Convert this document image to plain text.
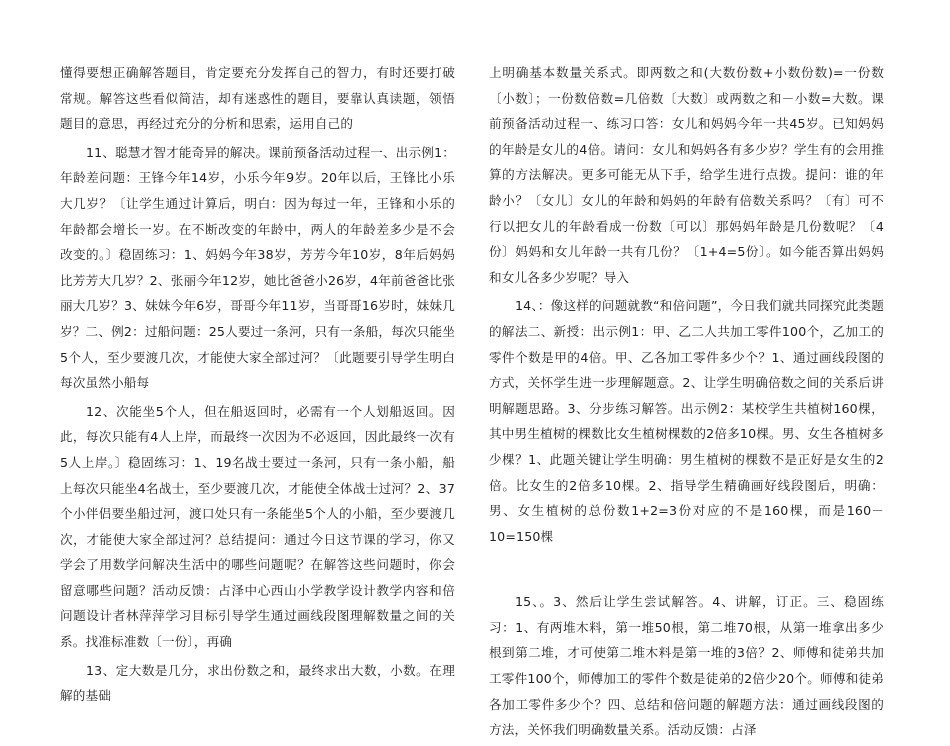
懂得要想正确解答题目，肯定要充分发挥自己的智力，有时还要打破常规。解答这些看似简洁，却有迷惑性的题目，要靠认真读题，领悟题目的意思，再经过充分的分析和思索，运用自己的

11、聪慧才智才能奇异的解决。课前预备活动过程一、出示例1：年龄差问题：王锋今年14岁，小乐今年9岁。20年以后，王锋比小乐大几岁？〔让学生通过计算后，明白：因为每过一年，王锋和小乐的年龄都会增长一岁。在不断改变的年龄中，两人的年龄差多少是不会改变的。〕稳固练习：1、妈妈今年38岁，芳芳今年10岁，8年后妈妈比芳芳大几岁？2、张丽今年12岁，她比爸爸小26岁，4年前爸爸比张丽大几岁？3、妹妹今年6岁，哥哥今年11岁，当哥哥16岁时，妹妹几岁？二、例2：过船问题：25人要过一条河，只有一条船，每次只能坐5个人，至少要渡几次，才能使大家全部过河？〔此题要引导学生明白每次虽然小船每

12、次能坐5个人，但在船返回时，必需有一个人划船返回。因此，每次只能有4人上岸，而最终一次因为不必返回，因此最终一次有5人上岸。〕稳固练习：1、19名战士要过一条河，只有一条小船，船上每次只能坐4名战士，至少要渡几次，才能使全体战士过河？2、37个小伴侣要坐船过河，渡口处只有一条能坐5个人的小船，至少要渡几次，才能使大家全部过河？总结提问：通过今日这节课的学习，你又学会了用数学问解决生活中的哪些问题呢？在解答这些问题时，你会留意哪些问题？活动反馈：占泽中心西山小学教学设计教学内容和倍问题设计者林萍萍学习目标引导学生通过画线段图理解数量之间的关系。找准标准数〔一份〕，再确

13、定大数是几分，求出份数之和，最终求出大数，小数。在理解的基础

上明确基本数量关系式。即两数之和(大数份数+小数份数)=一份数〔小数〕；一份数倍数=几倍数〔大数〕或两数之和－小数=大数。课前预备活动过程一、练习口答：女儿和妈妈今年一共45岁。已知妈妈的年龄是女儿的4倍。请问：女儿和妈妈各有多少岁？学生有的会用推算的方法解决。更多可能无从下手，给学生进行点拨。提问：谁的年龄小？〔女儿〕女儿的年龄和妈妈的年龄有倍数关系吗？〔有〕可不行以把女儿的年龄看成一份数〔可以〕那妈妈年龄是几份数呢？〔4份〕妈妈和女儿年龄一共有几份？〔1+4=5份〕。如今能否算出妈妈和女儿各多少岁呢？导入

14、：像这样的问题就教“和倍问题”，今日我们就共同探究此类题的解法二、新授：出示例1：甲、乙二人共加工零件100个，乙加工的零件个数是甲的4倍。甲、乙各加工零件多少个？1、通过画线段图的方式，关怀学生进一步理解题意。2、让学生明确倍数之间的关系后讲明解题思路。3、分步练习解答。出示例2：某校学生共植树160棵，其中男生植树的棵数比女生植树棵数的2倍多10棵。男、女生各植树多少棵？1、此题关键让学生明确：男生植树的棵数不是正好是女生的2倍。比女生的2倍多10棵。2、指导学生精确画好线段图后，明确：男、女生植树的总份数1+2=3份对应的不是160棵，而是160－10=150棵

15、。3、然后让学生尝试解答。4、讲解，订正。三、稳固练习：1、有两堆木料，第一堆50根，第二堆70根，从第一堆拿出多少根到第二堆，才可使第二堆木料是第一堆的3倍？2、师傅和徒弟共加工零件100个，师傅加工的零件个数是徒弟的2倍少20个。师傅和徒弟各加工零件多少个？四、总结和倍问题的解题方法：通过画线段图的方法，关怀我们明确数量关系。活动反馈：占泽
